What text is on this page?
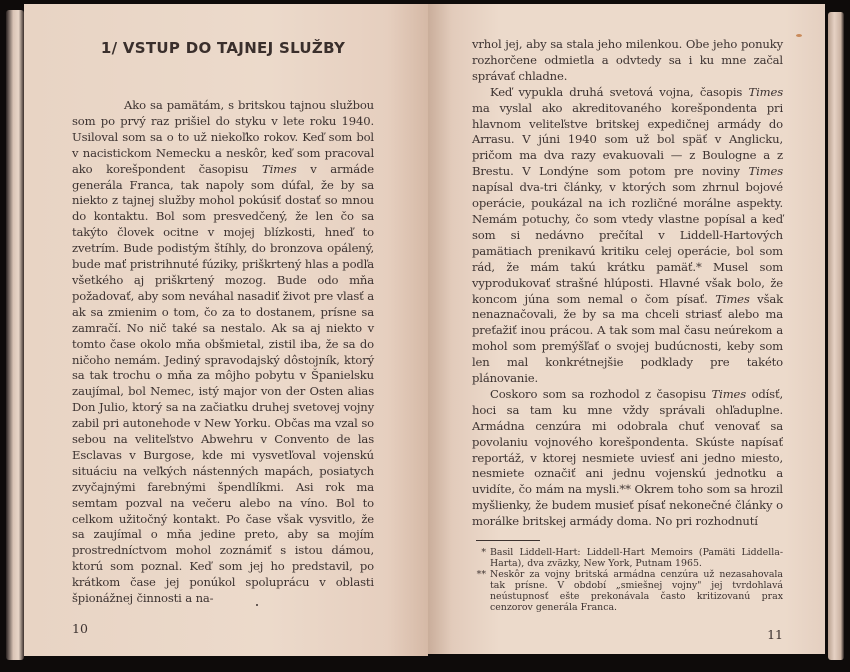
1/ VSTUP DO TAJNEJ SLUŽBY

Ako sa pamätám, s britskou tajnou službou som po prvý raz prišiel do styku v lete roku 1940. Usiloval som sa o to už niekoľko rokov. Keď som bol v nacistickom Nemecku a neskôr, keď som pracoval ako korešpondent časopisu Times v armáde generála Franca, tak napoly som dúfal, že by sa niekto z tajnej služby mohol pokúsiť dostať so mnou do kontaktu. Bol som presvedčený, že len čo sa takýto človek ocitne v mojej blízkosti, hneď to zvetrím. Bude podistým štíhly, do bronzova opálený, bude mať pristrihnuté fúziky, priškrtený hlas a podľa všetkého aj priškrtený mozog. Bude odo mňa požadovať, aby som neváhal nasadiť život pre vlasť a ak sa zmienim o tom, čo za to dostanem, prísne sa zamračí. No nič také sa nestalo. Ak sa aj niekto v tomto čase okolo mňa obšmietal, zistil iba, že sa do ničoho nemám. Jediný spravodajský dôstojník, ktorý sa tak trochu o mňa za môjho pobytu v Španielsku zaujímal, bol Nemec, istý major von der Osten alias Don Julio, ktorý sa na začiatku druhej svetovej vojny zabil pri autonehode v New Yorku. Občas ma vzal so sebou na veliteľstvo Abwehru v Convento de las Esclavas v Burgose, kde mi vysvetľoval vojenskú situáciu na veľkých nástenných mapách, posiatych zvyčajnými farebnými špendlíkmi. Asi rok ma semtam pozval na večeru alebo na víno. Bol to celkom užitočný kontakt. Po čase však vysvitlo, že sa zaujímal o mňa jedine preto, aby sa mojím prostredníctvom mohol zoznámiť s istou dámou, ktorú som poznal. Keď som jej ho predstavil, po krátkom čase jej ponúkol spoluprácu v oblasti špionážnej činnosti a na-

10

vrhol jej, aby sa stala jeho milenkou. Obe jeho ponuky rozhorčene odmietla a odvtedy sa i ku mne začal správať chladne.

Keď vypukla druhá svetová vojna, časopis Times ma vyslal ako akreditovaného korešpondenta pri hlavnom veliteľstve britskej expedičnej armády do Arrasu. V júni 1940 som už bol späť v Anglicku, pričom ma dva razy evakuovali — z Boulogne a z Brestu. V Londýne som potom pre noviny Times napísal dva-tri články, v ktorých som zhrnul bojové operácie, poukázal na ich rozličné morálne aspekty. Nemám potuchy, čo som vtedy vlastne popísal a keď som si nedávno prečítal v Liddell-Hartových pamätiach prenikavú kritiku celej operácie, bol som rád, že mám takú krátku pamäť.* Musel som vyprodukovať strašné hlúposti. Hlavné však bolo, že koncom júna som nemal o čom písať. Times však nenaznačovali, že by sa ma chceli striasť alebo ma preťažiť inou prácou. A tak som mal času neúrekom a mohol som premýšľať o svojej budúcnosti, keby som len mal konkrétnejšie podklady pre takéto plánovanie.

Coskoro som sa rozhodol z časopisu Times odísť, hoci sa tam ku mne vždy správali ohľaduplne. Armádna cenzúra mi odobrala chuť venovať sa povolaniu vojnového korešpondenta. Skúste napísať reportáž, v ktorej nesmiete uviesť ani jedno miesto, nesmiete označiť ani jednu vojenskú jednotku a uvidíte, čo mám na mysli.** Okrem toho som sa hrozil myšlienky, že budem musieť písať nekonečné články o morálke britskej armády doma. No pri rozhodnutí

* Basil Liddell-Hart: Liddell-Hart Memoirs (Pamäti Liddella-Harta), dva zväzky, New York, Putnam 1965.
** Neskôr za vojny britská armádna cenzúra už nezasahovala tak prísne. V období „smiešnej vojny" jej tvrdohlavá neústupnosť ešte prekonávala často kritizovanú prax cenzorov generála Franca.
11
